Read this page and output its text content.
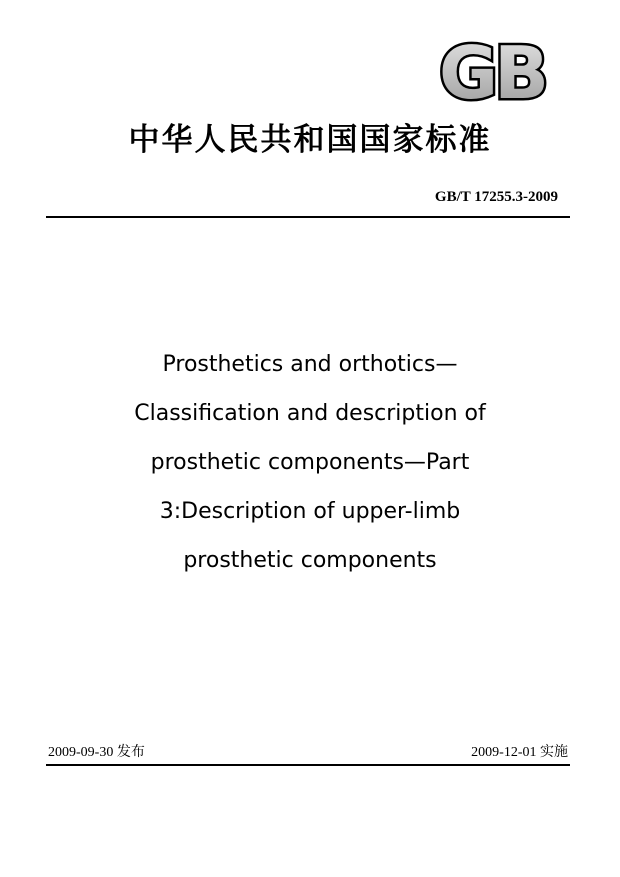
GB
中华人民共和国国家标准
GB/T 17255.3-2009
Prosthetics and orthotics—
Classification and description of
prosthetic components—Part
3:Description of upper-limb
prosthetic components
2009-09-30 发布	2009-12-01 实施
